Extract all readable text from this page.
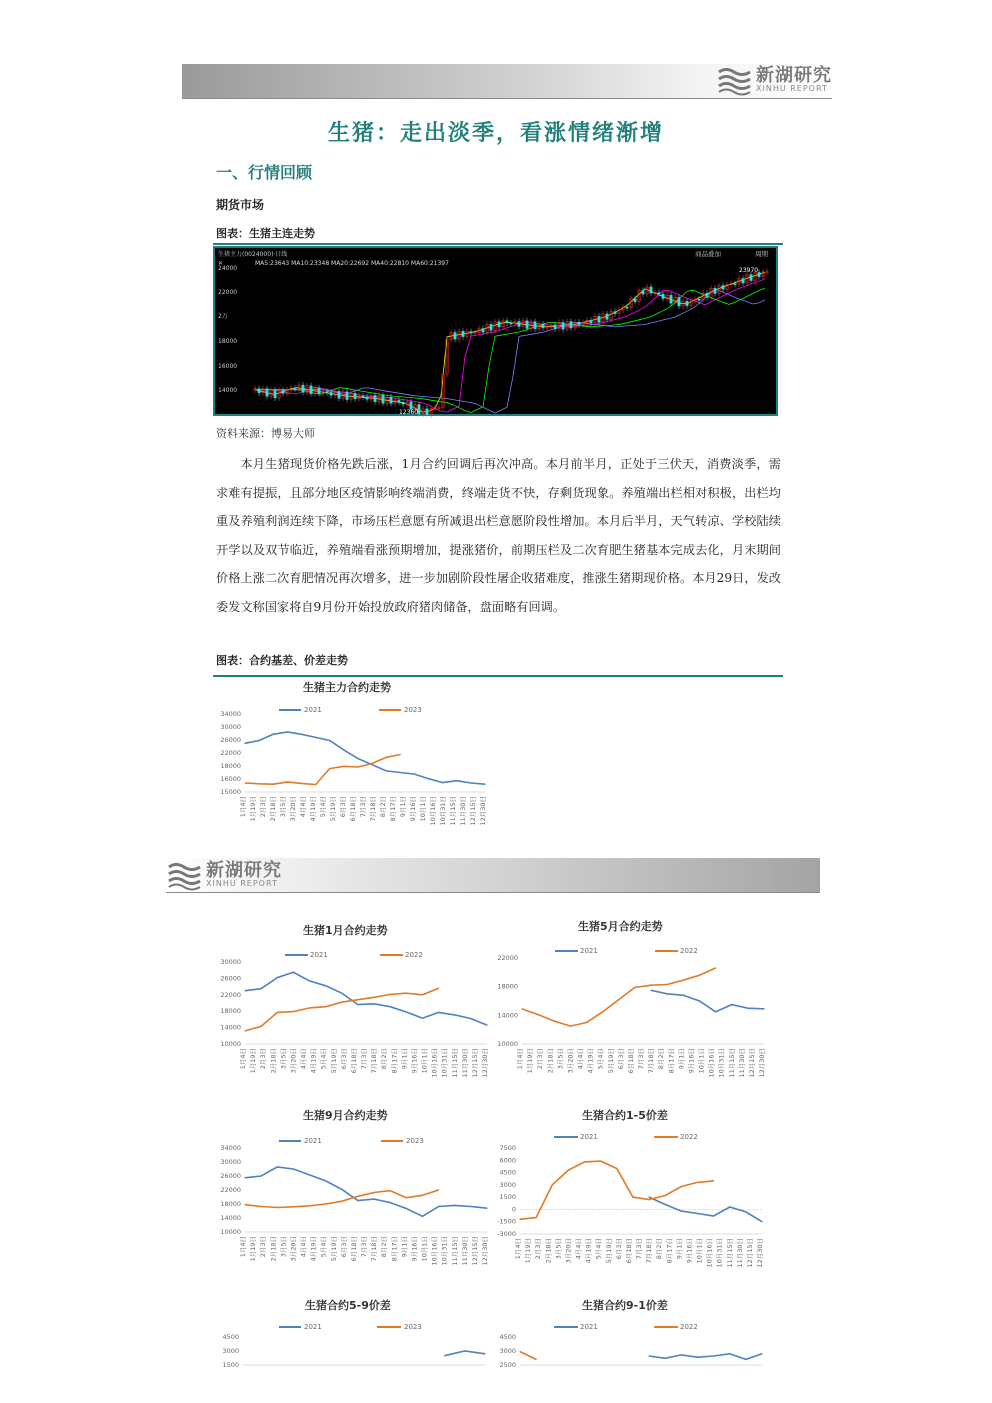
新湖研究
XINHU REPORT
生猪：走出淡季，看涨情绪渐增
一、行情回顾
期货市场
图表：生猪主连走势
生猪主力(0024000)·日线	商品叠加	周期
MA5:23643 MA10:23348 MA20:22692 MA40:22810 MA60:21397
✕
24000
22000
2万
18000
16000
14000
23970
12360
资料来源：博易大师
本月生猪现货价格先跌后涨，1月合约回调后再次冲高。本月前半月，正处于三伏天，消费淡季，需求难有提振，且部分地区疫情影响终端消费，终端走货不快，存剩货现象。养殖端出栏相对积极，出栏均重及养殖利润连续下降，市场压栏意愿有所减退出栏意愿阶段性增加。本月后半月，天气转凉、学校陆续开学以及双节临近，养殖端看涨预期增加，提涨猪价，前期压栏及二次育肥生猪基本完成去化，月末期间价格上涨二次育肥情况再次增多，进一步加剧阶段性屠企收猪难度，推涨生猪期现价格。本月29日，发改委发文称国家将自9月份开始投放政府猪肉储备，盘面略有回调。
图表：合约基差、价差走势
生猪主力合约走势
2021	2023
34000
30000
26000
22000
18000
16000
15000
1月4日 1月19日 2月3日 2月18日 3月5日 3月20日 4月4日 4月19日 5月4日 5月19日 6月3日 6月18日 7月3日 7月18日 8月2日 8月17日 9月1日 9月16日 10月1日 10月16日 10月31日 11月15日 11月30日 12月15日 12月30日
新湖研究
XINHU REPORT
生猪1月合约走势
2021	2022
30000
26000
22000
18000
14000
10000
1月4日 1月19日 2月3日 2月18日 3月5日 3月20日 4月4日 4月19日 5月4日 5月19日 6月3日 6月18日 7月3日 7月18日 8月2日 8月17日 9月1日 9月16日 10月1日 10月16日 10月31日 11月15日 11月30日 12月15日 12月30日
生猪5月合约走势
2021	2022
22000
18000
14000
10000
1月4日 1月19日 2月3日 2月18日 3月5日 3月20日 4月4日 4月19日 5月4日 5月19日 6月3日 6月18日 7月3日 7月18日 8月2日 8月17日 9月1日 9月16日 10月1日 10月16日 10月31日 11月15日 11月30日 12月15日 12月30日
生猪9月合约走势
2021	2023
34000
30000
26000
22000
18000
14000
10000
1月4日 1月19日 2月3日 2月18日 3月5日 3月20日 4月4日 4月19日 5月4日 5月19日 6月3日 6月18日 7月3日 7月18日 8月2日 8月17日 9月1日 9月16日 10月1日 10月16日 10月31日 11月15日 11月30日 12月15日 12月30日
生猪合约1-5价差
2021	2022
7500
6000
4500
3000
1500
0
-1500
-3000
1月4日 1月19日 2月3日 2月18日 3月5日 3月20日 4月4日 4月19日 5月4日 5月19日 6月3日 6月18日 7月3日 7月18日 8月2日 8月17日 9月1日 9月16日 10月1日 10月16日 10月31日 11月15日 11月30日 12月15日 12月30日
生猪合约5-9价差
2021	2023
4500
3000
1500
生猪合约9-1价差
2021	2022
4500
3000
2500
